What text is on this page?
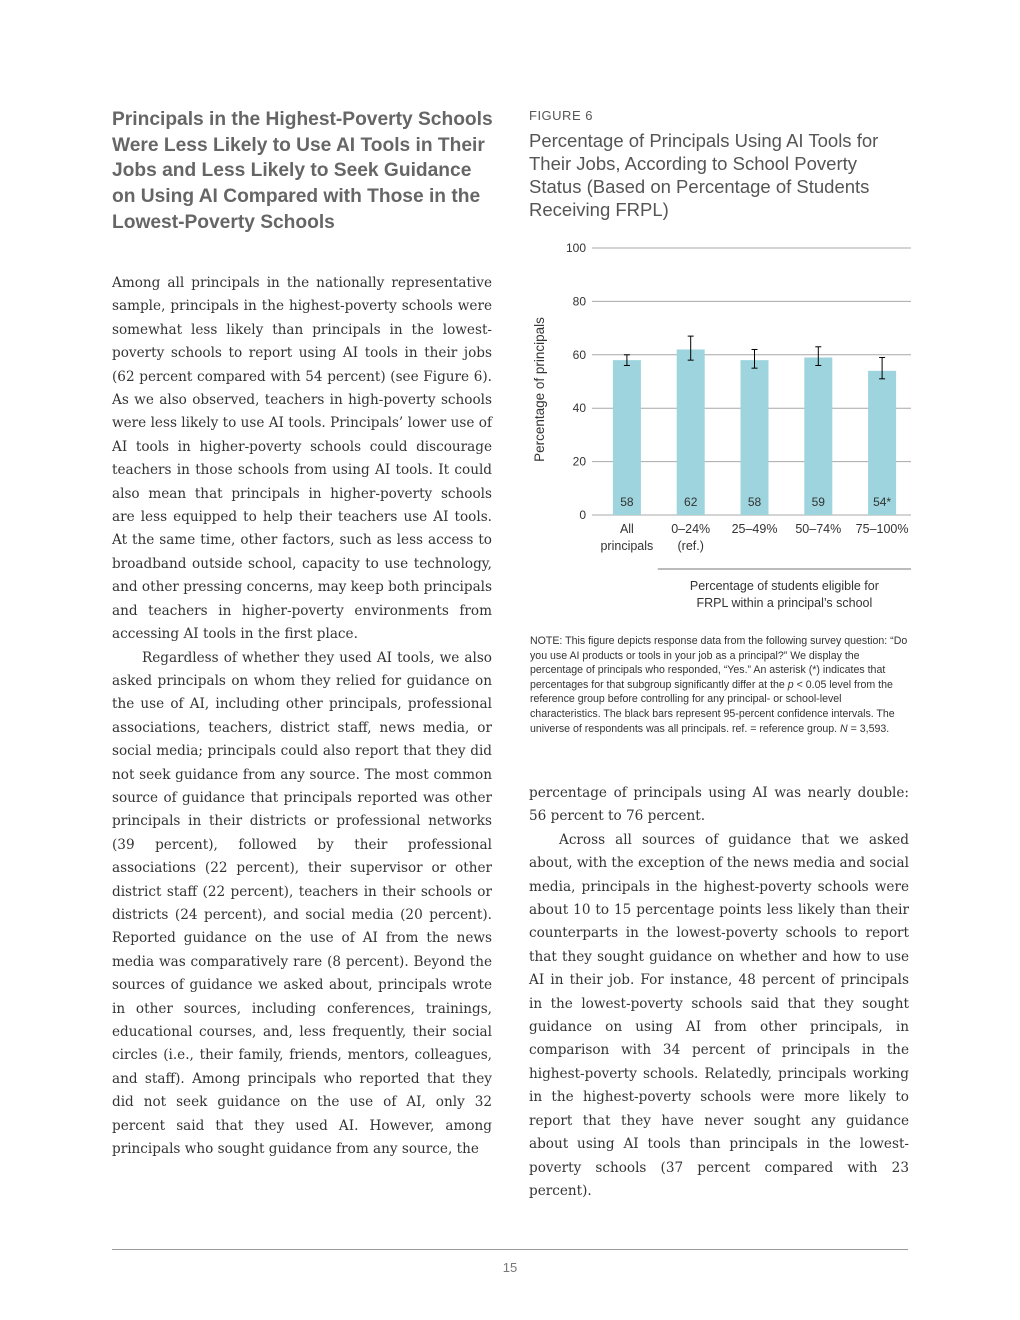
Principals in the Highest-Poverty Schools Were Less Likely to Use AI Tools in Their Jobs and Less Likely to Seek Guidance on Using AI Compared with Those in the Lowest-Poverty Schools

Among all principals in the nationally representative sample, principals in the highest-poverty schools were somewhat less likely than principals in the lowest-poverty schools to report using AI tools in their jobs (62 percent compared with 54 percent) (see Figure 6). As we also observed, teachers in high-poverty schools were less likely to use AI tools. Principals’ lower use of AI tools in higher-poverty schools could discourage teachers in those schools from using AI tools. It could also mean that principals in higher-poverty schools are less equipped to help their teachers use AI tools. At the same time, other factors, such as less access to broadband outside school, capacity to use technology, and other pressing concerns, may keep both principals and teachers in higher-poverty environments from accessing AI tools in the first place.

Regardless of whether they used AI tools, we also asked principals on whom they relied for guidance on the use of AI, including other principals, professional associations, teachers, district staff, news media, or social media; principals could also report that they did not seek guidance from any source. The most common source of guidance that principals reported was other principals in their districts or professional networks (39 percent), followed by their professional associations (22 percent), their supervisor or other district staff (22 percent), teachers in their schools or districts (24 percent), and social media (20 percent). Reported guidance on the use of AI from the news media was comparatively rare (8 percent). Beyond the sources of guidance we asked about, principals wrote in other sources, including conferences, trainings, educational courses, and, less frequently, their social circles (i.e., their family, friends, mentors, colleagues, and staff). Among principals who reported that they did not seek guidance on the use of AI, only 32 percent said that they used AI. However, among principals who sought guidance from any source, the

FIGURE 6
Percentage of Principals Using AI Tools for Their Jobs, According to School Poverty Status (Based on Percentage of Students Receiving FRPL)
0
20
40
60
80
100
Percentage of principals
58
All
principals
62
0–24%
(ref.)
58
25–49%
59
50–74%
54*
75–100%
Percentage of students eligible for
FRPL within a principal’s school

NOTE: This figure depicts response data from the following survey question: “Do you use AI products or tools in your job as a principal?” We display the percentage of principals who responded, “Yes.” An asterisk (*) indicates that percentages for that subgroup significantly differ at the p < 0.05 level from the reference group before controlling for any principal- or school-level characteristics. The black bars represent 95-percent confidence intervals. The universe of respondents was all principals. ref. = reference group. N = 3,593.

percentage of principals using AI was nearly double: 56 percent to 76 percent.

Across all sources of guidance that we asked about, with the exception of the news media and social media, principals in the highest-poverty schools were about 10 to 15 percentage points less likely than their counterparts in the lowest-poverty schools to report that they sought guidance on whether and how to use AI in their job. For instance, 48 percent of principals in the lowest-poverty schools said that they sought guidance on using AI from other principals, in comparison with 34 percent of principals in the highest-poverty schools. Relatedly, principals working in the highest-poverty schools were more likely to report that they have never sought any guidance about using AI tools than principals in the lowest-poverty schools (37 percent compared with 23 percent).

15
